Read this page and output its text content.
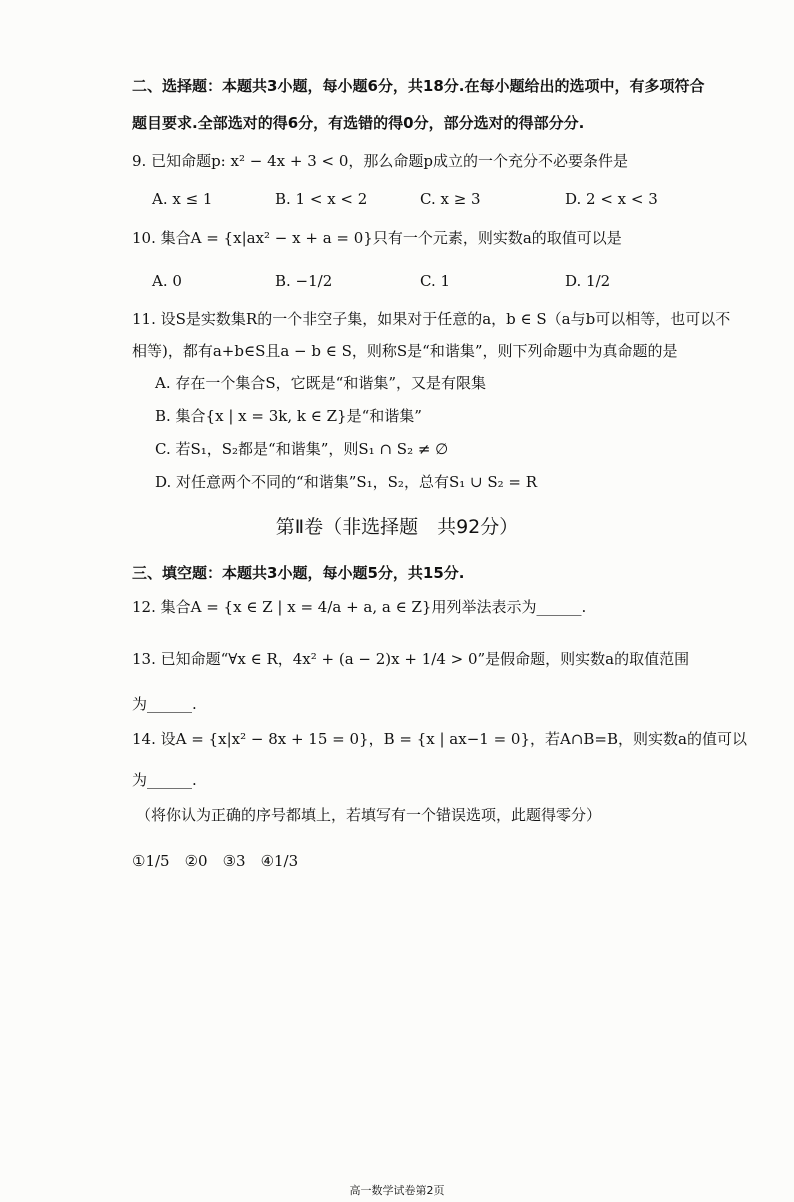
二、选择题：本题共3小题，每小题6分，共18分.在每小题给出的选项中，有多项符合
题目要求.全部选对的得6分，有选错的得0分，部分选对的得部分分.
9. 已知命题p: x² − 4x + 3 < 0，那么命题p成立的一个充分不必要条件是
A. x ≤ 1	B. 1 < x < 2	C. x ≥ 3	D. 2 < x < 3
10. 集合A = {x|ax² − x + a = 0}只有一个元素，则实数a的取值可以是
A. 0	B. −1/2	C. 1	D. 1/2
11. 设S是实数集R的一个非空子集，如果对于任意的a，b ∈ S（a与b可以相等，也可以不
相等)，都有a+b∈S且a − b ∈ S，则称S是“和谐集”，则下列命题中为真命题的是
A. 存在一个集合S，它既是“和谐集”，又是有限集
B. 集合{x | x = 3k, k ∈ Z}是“和谐集”
C. 若S₁，S₂都是“和谐集”，则S₁ ∩ S₂ ≠ ∅
D. 对任意两个不同的“和谐集”S₁，S₂，总有S₁ ∪ S₂ = R
第Ⅱ卷（非选择题　共92分）
三、填空题：本题共3小题，每小题5分，共15分.
12. 集合A = {x ∈ Z | x = 4/a + a, a ∈ Z}用列举法表示为______.
13. 已知命题“∀x ∈ R，4x² + (a − 2)x + 1/4 > 0”是假命题，则实数a的取值范围
为______.
14. 设A = {x|x² − 8x + 15 = 0}，B = {x | ax−1 = 0}，若A∩B=B，则实数a的值可以
为______.
（将你认为正确的序号都填上，若填写有一个错误选项，此题得零分）
①1/5　②0　③3　④1/3
高一数学试卷第2页
